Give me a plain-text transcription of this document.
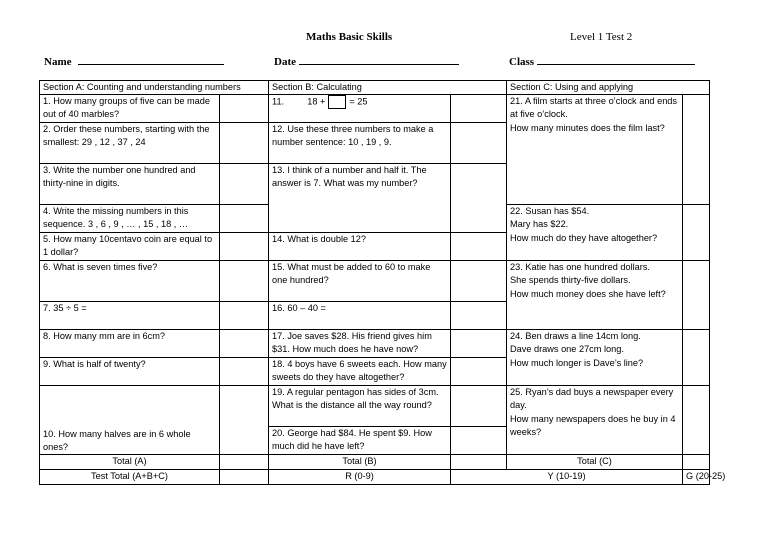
Maths Basic Skills	Level 1 Test 2
Name	Date	Class
Section A: Counting and understanding numbers		Section B: Calculating		Section C: Using and applying	
1. How many groups of five can be made out of 40 marbles?		11. 18 + = 25		21. A film starts at three o’clock and ends at five o’clock.
How many minutes does the film last?	

2. Order these numbers, starting with the smallest: 29 , 12 , 37 , 24		12. Use these three numbers to make a number sentence: 10 , 19 , 9.			
3. Write the number one hundred and thirty-nine in digits.		13. I think of a number and half it. The answer is 7. What was my number?			
4. Write the missing numbers in this sequence. 3 , 6 , 9 , … , 15 , 18 , …				22. Susan has $54.
Mary has $22.
How much do they have altogether?	

5. How many 10centavo coin are equal to 1 dollar?		14. What is double 12?			
6. What is seven times five?		15. What must be added to 60 to make one hundred?		23. Katie has one hundred dollars.
She spends thirty-five dollars.
How much money does she have left?	

7. 35 ÷ 5 =		16. 60 – 40 =			
8. How many mm are in 6cm?		17. Joe saves $28. His friend gives him $31. How much does he have now?		24. Ben draws a line 14cm long.
Dave draws one 27cm long.
How much longer is Dave’s line?	

9. What is half of twenty?		18. 4 boys have 6 sweets each. How many sweets do they have altogether?			
10. How many halves are in 6 whole ones?		19. A regular pentagon has sides of 3cm. What is the distance all the way round?		25. Ryan’s dad buys a newspaper every day.
How many newspapers does he buy in 4 weeks?	

		20. George had $84. He spent $9. How much did he have left?			
Total (A)		Total (B)		Total (C)	
Test Total (A+B+C)		R (0-9)	Y (10-19)		G (20-25)
